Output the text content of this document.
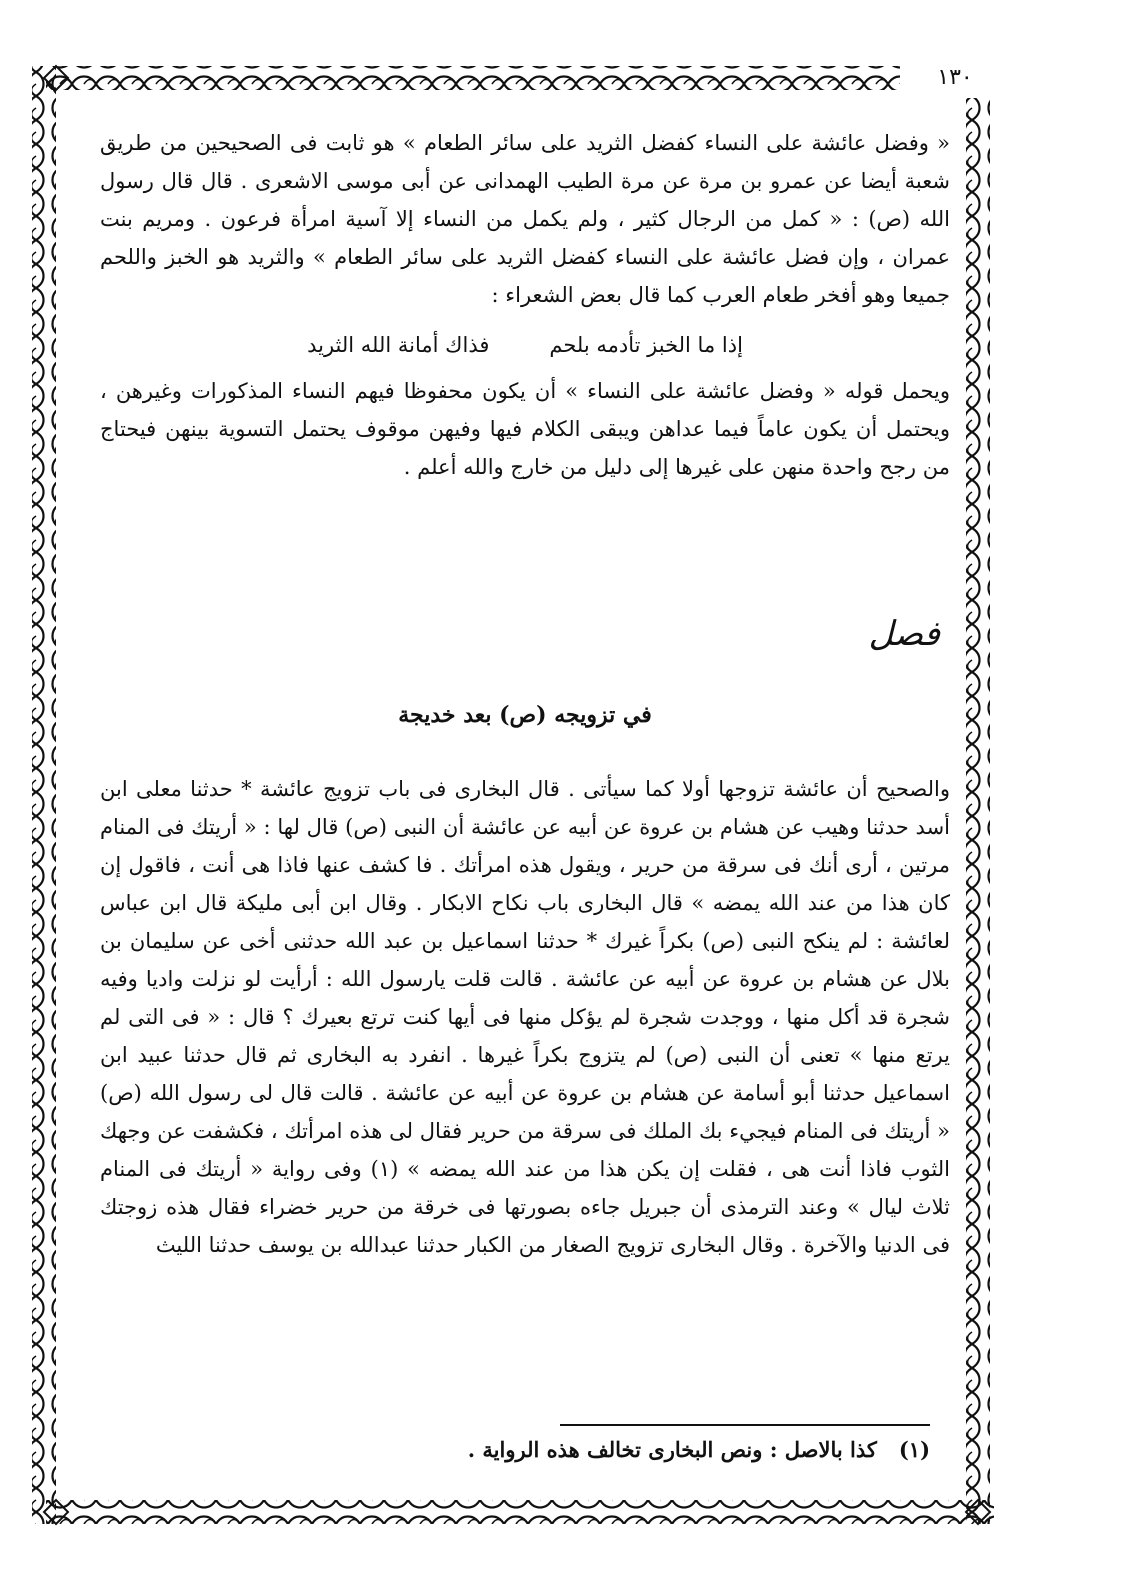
١٣٠

« وفضل عائشة على النساء كفضل الثريد على سائر الطعام » هو ثابت فى الصحيحين من طريق شعبة أيضا عن عمرو بن مرة عن مرة الطيب الهمدانى عن أبى موسى الاشعرى . قال قال رسول الله (ص) : « كمل من الرجال كثير ، ولم يكمل من النساء إلا آسية امرأة فرعون . ومريم بنت عمران ، وإن فضل عائشة على النساء كفضل الثريد على سائر الطعام » والثريد هو الخبز واللحم جميعا وهو أفخر طعام العرب كما قال بعض الشعراء :

إذا ما الخبز تأدمه بلحم
فذاك أمانة الله الثريد

ويحمل قوله « وفضل عائشة على النساء » أن يكون محفوظا فيهم النساء المذكورات وغيرهن ، ويحتمل أن يكون عاماً فيما عداهن ويبقى الكلام فيها وفيهن موقوف يحتمل التسوية بينهن فيحتاج من رجح واحدة منهن على غيرها إلى دليل من خارج والله أعلم .

فصل
في تزويجه (ص) بعد خديجة

والصحيح أن عائشة تزوجها أولا كما سيأتى . قال البخارى فى باب تزويج عائشة * حدثنا معلى ابن أسد حدثنا وهيب عن هشام بن عروة عن أبيه عن عائشة أن النبى (ص) قال لها : « أريتك فى المنام مرتين ، أرى أنك فى سرقة من حرير ، ويقول هذه امرأتك . فا كشف عنها فاذا هى أنت ، فاقول إن كان هذا من عند الله يمضه » قال البخارى باب نكاح الابكار . وقال ابن أبى مليكة قال ابن عباس لعائشة : لم ينكح النبى (ص) بكراً غيرك * حدثنا اسماعيل بن عبد الله حدثنى أخى عن سليمان بن بلال عن هشام بن عروة عن أبيه عن عائشة . قالت قلت يارسول الله : أرأيت لو نزلت واديا وفيه شجرة قد أكل منها ، ووجدت شجرة لم يؤكل منها فى أيها كنت ترتع بعيرك ؟ قال : « فى التى لم يرتع منها » تعنى أن النبى (ص) لم يتزوج بكراً غيرها . انفرد به البخارى ثم قال حدثنا عبيد ابن اسماعيل حدثنا أبو أسامة عن هشام بن عروة عن أبيه عن عائشة . قالت قال لى رسول الله (ص) « أريتك فى المنام فيجيء بك الملك فى سرقة من حرير فقال لى هذه امرأتك ، فكشفت عن وجهك الثوب فاذا أنت هى ، فقلت إن يكن هذا من عند الله يمضه » (١) وفى رواية « أريتك فى المنام ثلاث ليال » وعند الترمذى أن جبريل جاءه بصورتها فى خرقة من حرير خضراء فقال هذه زوجتك فى الدنيا والآخرة . وقال البخارى تزويج الصغار من الكبار حدثنا عبدالله بن يوسف حدثنا الليث

(١)   كذا بالاصل : ونص البخارى تخالف هذه الرواية .
